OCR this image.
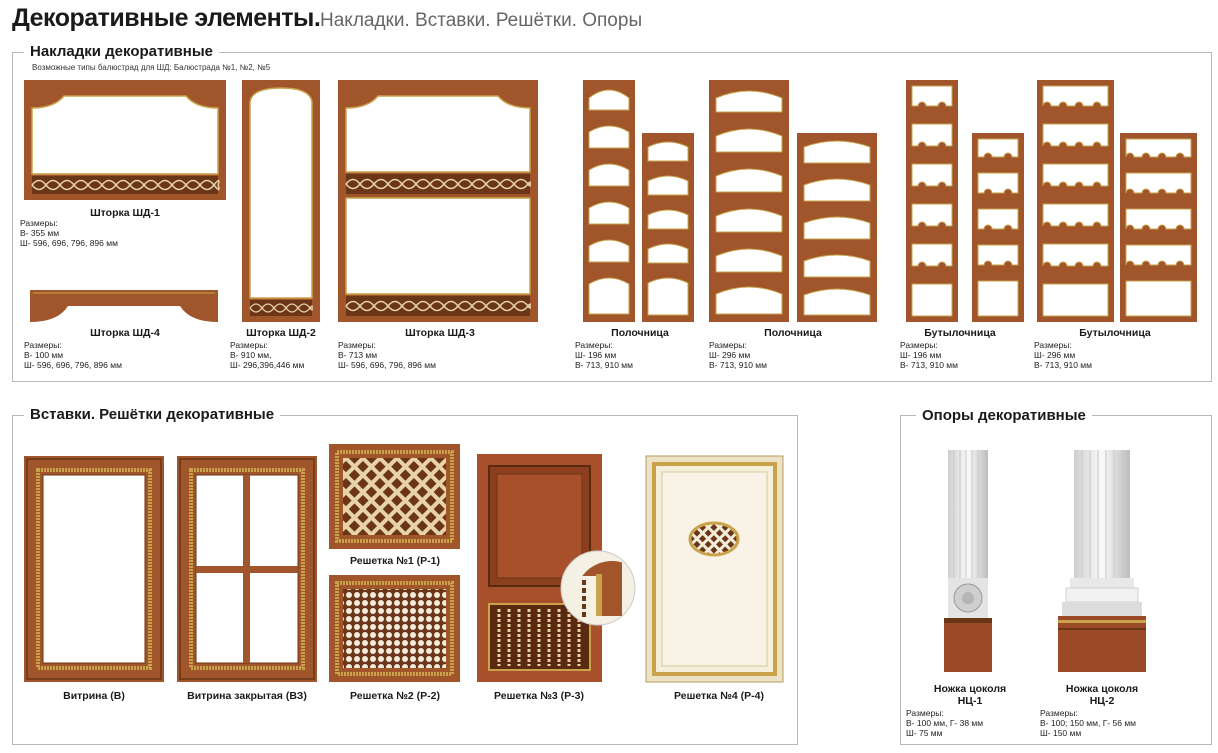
Декоративные элементы. Накладки. Вставки. Решётки. Опоры
Накладки декоративные
Возможные типы балюстрад для ШД: Балюстрада №1, №2, №5
Шторка ШД-1
Размеры:
В- 355 мм
Ш- 596, 696, 796, 896 мм
Шторка ШД-4
Размеры:
В- 100 мм
Ш- 596, 696, 796, 896 мм
Шторка ШД-2
Размеры:
В- 910 мм,
Ш- 296,396,446 мм
Шторка ШД-3
Размеры:
В- 713 мм
Ш- 596, 696, 796, 896 мм
Полочница
Размеры:
Ш- 196 мм
В- 713, 910 мм
Полочница
Размеры:
Ш- 296 мм
В- 713, 910 мм
Бутылочница
Размеры:
Ш- 196 мм
В- 713, 910 мм
Бутылочница
Размеры:
Ш- 296 мм
В- 713, 910 мм
Вставки. Решётки декоративные
Витрина (В)	Витрина закрытая (ВЗ)
Решетка №1 (Р-1)
Решетка №2 (Р-2)	Решетка №3 (Р-3)	Решетка №4 (Р-4)
Опоры декоративные
Ножка цоколя
НЦ-1
Размеры:
В- 100 мм, Г- 38 мм
Ш- 75 мм
Ножка цоколя
НЦ-2
Размеры:
В- 100; 150 мм, Г- 56 мм
Ш- 150 мм
